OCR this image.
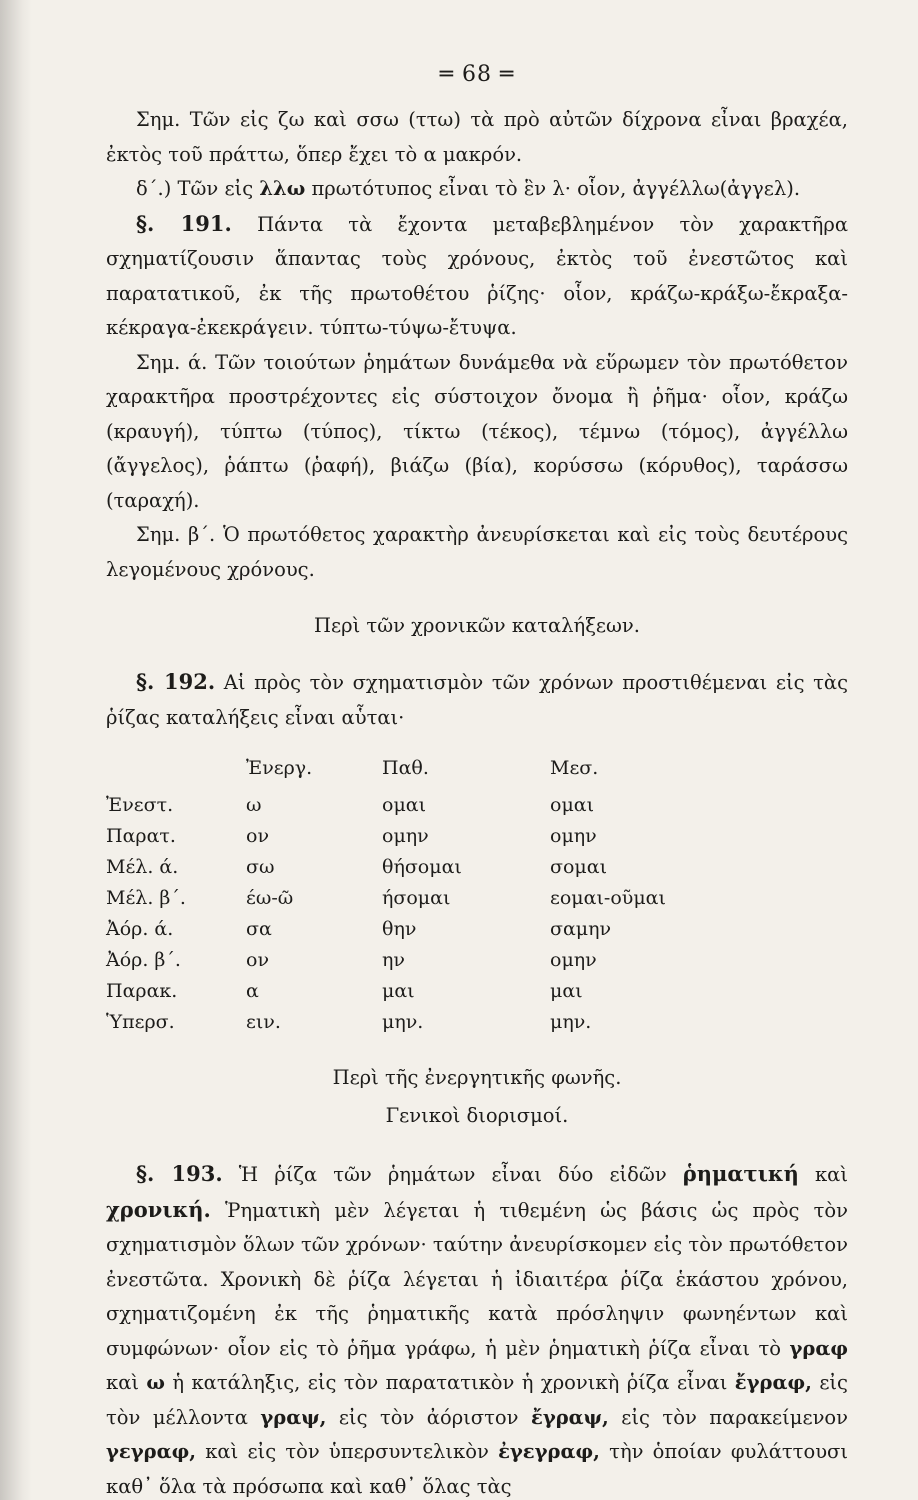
═ 68 ═

Σημ. Τῶν εἰς ζω καὶ σσω (ττω) τὰ πρὸ αὐτῶν δίχρονα εἶναι βραχέα, ἐκτὸς τοῦ πράττω, ὅπερ ἔχει τὸ α μακρόν.

δ΄.) Τῶν εἰς λλω πρωτότυπος εἶναι τὸ ἓν λ· οἷον, ἀγγέλλω(ἀγγελ).

§. 191. Πάντα τὰ ἔχοντα μεταβεβλημένον τὸν χαρακτῆρα σχηματίζουσιν ἅπαντας τοὺς χρόνους, ἐκτὸς τοῦ ἐνεστῶτος καὶ παρατατικοῦ, ἐκ τῆς πρωτοθέτου ῥίζης· οἷον, κράζω-κράξω-ἔκραξα-κέκραγα-ἐκεκράγειν. τύπτω-τύψω-ἔτυψα.

Σημ. ά. Τῶν τοιούτων ῥημάτων δυνάμεθα νὰ εὕρωμεν τὸν πρωτόθετον χαρακτῆρα προστρέχοντες εἰς σύστοιχον ὄνομα ἢ ῥῆμα· οἷον, κράζω (κραυγή), τύπτω (τύπος), τίκτω (τέκος), τέμνω (τόμος), ἀγγέλλω (ἄγγελος), ῥάπτω (ῥαφή), βιάζω (βία), κορύσσω (κόρυθος), ταράσσω (ταραχή).

Σημ. β΄. Ὁ πρωτόθετος χαρακτὴρ ἀνευρίσκεται καὶ εἰς τοὺς δευτέρους λεγομένους χρόνους.

Περὶ τῶν χρονικῶν καταλήξεων.

§. 192. Αἱ πρὸς τὸν σχηματισμὸν τῶν χρόνων προστιθέμεναι εἰς τὰς ῥίζας καταλήξεις εἶναι αὗται·

	Ἐνεργ.	Παθ.	Μεσ.
Ἐνεστ.	ω	ομαι	ομαι
Παρατ.	ον	ομην	ομην
Μέλ. ά.	σω	θήσομαι	σομαι
Μέλ. β΄.	έω-ῶ	ήσομαι	εομαι-οῦμαι
Ἀόρ. ά.	σα	θην	σαμην
Ἀόρ. β΄.	ον	ην	ομην
Παρακ.	α	μαι	μαι
Ὑπερσ.	ειν.	μην.	μην.
Περὶ τῆς ἐνεργητικῆς φωνῆς.
Γενικοὶ διορισμοί.

§. 193. Ἡ ῥίζα τῶν ῥημάτων εἶναι δύο εἰδῶν ῥηματική καὶ χρονική. Ῥηματικὴ μὲν λέγεται ἡ τιθεμένη ὡς βάσις ὡς πρὸς τὸν σχηματισμὸν ὅλων τῶν χρόνων· ταύτην ἀνευρίσκομεν εἰς τὸν πρωτόθετον ἐνεστῶτα. Χρονικὴ δὲ ῥίζα λέγεται ἡ ἰδιαιτέρα ῥίζα ἑκάστου χρόνου, σχηματιζομένη ἐκ τῆς ῥηματικῆς κατὰ πρόσληψιν φωνηέντων καὶ συμφώνων· οἷον εἰς τὸ ῥῆμα γράφω, ἡ μὲν ῥηματικὴ ῥίζα εἶναι τὸ γραφ καὶ ω ἡ κατάληξις, εἰς τὸν παρατατικὸν ἡ χρονικὴ ῥίζα εἶναι ἔγραφ, εἰς τὸν μέλλοντα γραψ, εἰς τὸν ἀόριστον ἔγραψ, εἰς τὸν παρακείμενον γεγραφ, καὶ εἰς τὸν ὑπερσυντελικὸν ἐγεγραφ, τὴν ὁποίαν φυλάττουσι καθ᾽ ὅλα τὰ πρόσωπα καὶ καθ᾽ ὅλας τὰς
